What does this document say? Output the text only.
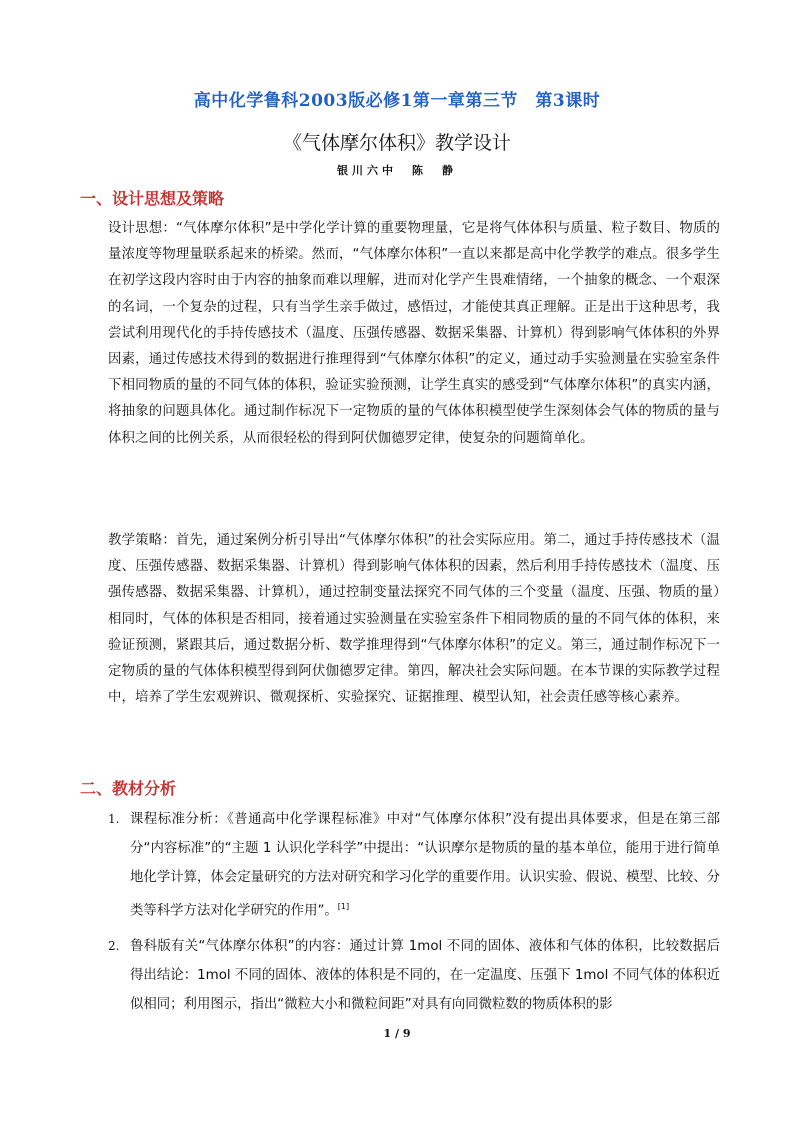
高中化学鲁科2003版必修1第一章第三节　第3课时
《气体摩尔体积》教学设计
银川六中　陈　静
一、设计思想及策略

设计思想：“气体摩尔体积”是中学化学计算的重要物理量，它是将气体体积与质量、粒子数目、物质的量浓度等物理量联系起来的桥梁。然而，“气体摩尔体积”一直以来都是高中化学教学的难点。很多学生在初学这段内容时由于内容的抽象而难以理解，进而对化学产生畏难情绪，一个抽象的概念、一个艰深的名词，一个复杂的过程，只有当学生亲手做过，感悟过，才能使其真正理解。正是出于这种思考，我尝试利用现代化的手持传感技术（温度、压强传感器、数据采集器、计算机）得到影响气体体积的外界因素，通过传感技术得到的数据进行推理得到“气体摩尔体积”的定义，通过动手实验测量在实验室条件下相同物质的量的不同气体的体积，验证实验预测，让学生真实的感受到“气体摩尔体积”的真实内涵，将抽象的问题具体化。通过制作标况下一定物质的量的气体体积模型使学生深刻体会气体的物质的量与体积之间的比例关系，从而很轻松的得到阿伏伽德罗定律，使复杂的问题简单化。

教学策略：首先，通过案例分析引导出“气体摩尔体积”的社会实际应用。第二，通过手持传感技术（温度、压强传感器、数据采集器、计算机）得到影响气体体积的因素，然后利用手持传感技术（温度、压强传感器、数据采集器、计算机），通过控制变量法探究不同气体的三个变量（温度、压强、物质的量）相同时，气体的体积是否相同，接着通过实验测量在实验室条件下相同物质的量的不同气体的体积，来验证预测，紧跟其后，通过数据分析、数学推理得到“气体摩尔体积”的定义。第三，通过制作标况下一定物质的量的气体体积模型得到阿伏伽德罗定律。第四，解决社会实际问题。在本节课的实际教学过程中，培养了学生宏观辨识、微观探析、实验探究、证据推理、模型认知，社会责任感等核心素养。

二、教材分析
1. 课程标准分析：《普通高中化学课程标准》中对“气体摩尔体积”没有提出具体要求，但是在第三部分“内容标准”的“主题 1 认识化学科学”中提出：“认识摩尔是物质的量的基本单位，能用于进行简单地化学计算，体会定量研究的方法对研究和学习化学的重要作用。认识实验、假说、模型、比较、分类等科学方法对化学研究的作用”。[1]
2. 鲁科版有关“气体摩尔体积”的内容：通过计算 1mol 不同的固体、液体和气体的体积，比较数据后得出结论：1mol 不同的固体、液体的体积是不同的，在一定温度、压强下 1mol 不同气体的体积近似相同；利用图示，指出“微粒大小和微粒间距”对具有向同微粒数的物质体积的影
1 / 9
